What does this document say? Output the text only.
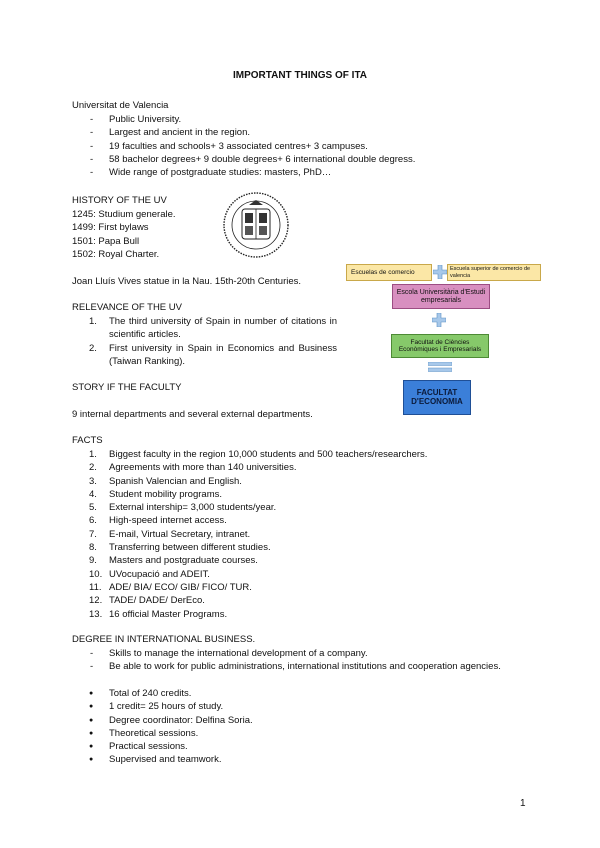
IMPORTANT THINGS OF ITA
Universitat de Valencia
- Public University.
- Largest and ancient in the region.
- 19 faculties and schools+ 3 associated centres+ 3 campuses.
- 58 bachelor degrees+ 9 double degrees+ 6 international double degress.
- Wide range of postgraduate studies: masters, PhD…
HISTORY OF THE UV
1245: Studium generale.
1499: First bylaws
1501: Papa Bull
1502: Royal Charter.
Joan Lluís Vives statue in la Nau. 15th-20th Centuries.
RELEVANCE OF THE UV
1.	The third university of Spain in number of citations in scientific articles.
2.	First university in Spain in Economics and Business (Taiwan Ranking).
STORY IF THE FACULTY
9 internal departments and several external departments.
Escuelas de comercio	Escuela superior de comercio de valencia
Escola Universitària d'Estudi empresarials
Facultat de Ciències Econòmiques i Empresarials
FACULTAT D'ECONOMIA
FACTS
1.	Biggest faculty in the region 10,000 students and 500 teachers/researchers.
2.	Agreements with more than 140 universities.
3.	Spanish Valencian and English.
4.	Student mobility programs.
5.	External intership= 3,000 students/year.
6.	High-speed internet access.
7.	E-mail, Virtual Secretary, intranet.
8.	Transferring between different studies.
9.	Masters and postgraduate courses.
10. UVocupació and ADEIT.
11. ADE/ BIA/ ECO/ GIB/ FICO/ TUR.
12. TADE/ DADE/ DerEco.
13. 16 official Master Programs.
DEGREE IN INTERNATIONAL BUSINESS.
- Skills to manage the international development of a company.
- Be able to work for public administrations, international institutions and cooperation agencies.
● Total of 240 credits.
● 1 credit= 25 hours of study.
● Degree coordinator: Delfina Soria.
● Theoretical sessions.
● Practical sessions.
● Supervised and teamwork.
1
